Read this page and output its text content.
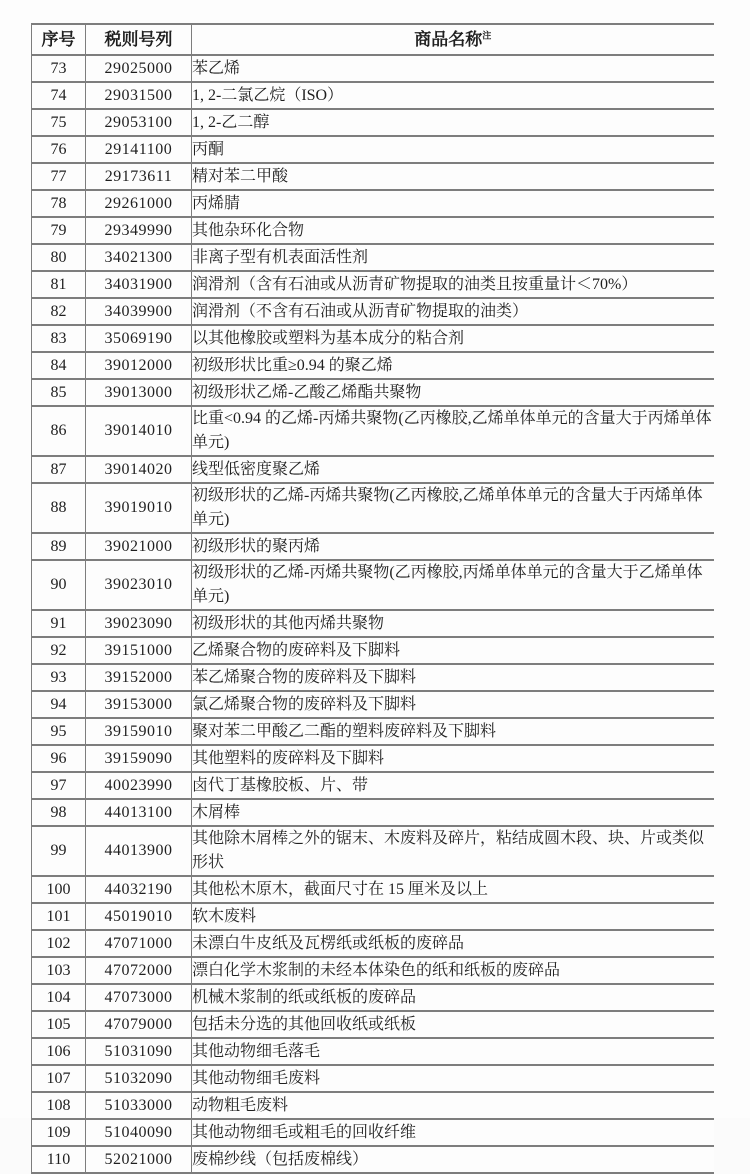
序号	税则号列	商品名称$^注$
73	29025000	苯乙烯
74	29031500	1, 2-二氯乙烷（ISO）
75	29053100	1, 2-乙二醇
76	29141100	丙酮
77	29173611	精对苯二甲酸
78	29261000	丙烯腈
79	29349990	其他杂环化合物
80	34021300	非离子型有机表面活性剂
81	34031900	润滑剂（含有石油或从沥青矿物提取的油类且按重量计＜70%）
82	34039900	润滑剂（不含有石油或从沥青矿物提取的油类）
83	35069190	以其他橡胶或塑料为基本成分的粘合剂
84	39012000	初级形状比重≥0.94 的聚乙烯
85	39013000	初级形状乙烯-乙酸乙烯酯共聚物
86	39014010	比重<0.94 的乙烯-丙烯共聚物(乙丙橡胶,乙烯单体单元的含量大于丙烯单体单元)
87	39014020	线型低密度聚乙烯
88	39019010	初级形状的乙烯-丙烯共聚物(乙丙橡胶,乙烯单体单元的含量大于丙烯单体单元)
89	39021000	初级形状的聚丙烯
90	39023010	初级形状的乙烯-丙烯共聚物(乙丙橡胶,丙烯单体单元的含量大于乙烯单体单元)
91	39023090	初级形状的其他丙烯共聚物
92	39151000	乙烯聚合物的废碎料及下脚料
93	39152000	苯乙烯聚合物的废碎料及下脚料
94	39153000	氯乙烯聚合物的废碎料及下脚料
95	39159010	聚对苯二甲酸乙二酯的塑料废碎料及下脚料
96	39159090	其他塑料的废碎料及下脚料
97	40023990	卤代丁基橡胶板、片、带
98	44013100	木屑棒
99	44013900	其他除木屑棒之外的锯末、木废料及碎片，粘结成圆木段、块、片或类似形状
100	44032190	其他松木原木，截面尺寸在 15 厘米及以上
101	45019010	软木废料
102	47071000	未漂白牛皮纸及瓦楞纸或纸板的废碎品
103	47072000	漂白化学木浆制的未经本体染色的纸和纸板的废碎品
104	47073000	机械木浆制的纸或纸板的废碎品
105	47079000	包括未分选的其他回收纸或纸板
106	51031090	其他动物细毛落毛
107	51032090	其他动物细毛废料
108	51033000	动物粗毛废料
109	51040090	其他动物细毛或粗毛的回收纤维
110	52021000	废棉纱线（包括废棉线）
